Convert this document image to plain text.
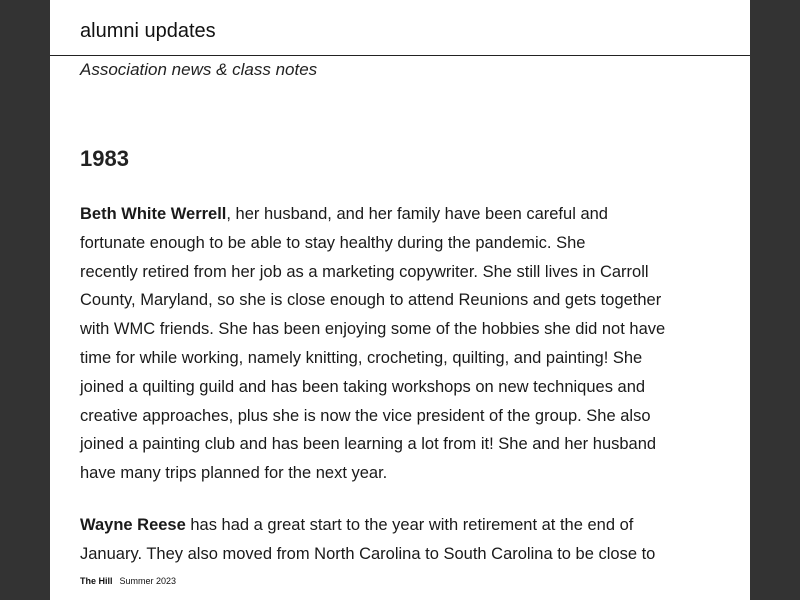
alumni updates
Association news & class notes
1983

Beth White Werrell, her husband, and her family have been careful and
fortunate enough to be able to stay healthy during the pandemic. She
recently retired from her job as a marketing copywriter. She still lives in Carroll
County, Maryland, so she is close enough to attend Reunions and gets together
with WMC friends. She has been enjoying some of the hobbies she did not have
time for while working, namely knitting, crocheting, quilting, and painting! She
joined a quilting guild and has been taking workshops on new techniques and
creative approaches, plus she is now the vice president of the group. She also
joined a painting club and has been learning a lot from it! She and her husband
have many trips planned for the next year.

Wayne Reese has had a great start to the year with retirement at the end of
January. They also moved from North Carolina to South Carolina to be close to

The Hill Summer 2023
